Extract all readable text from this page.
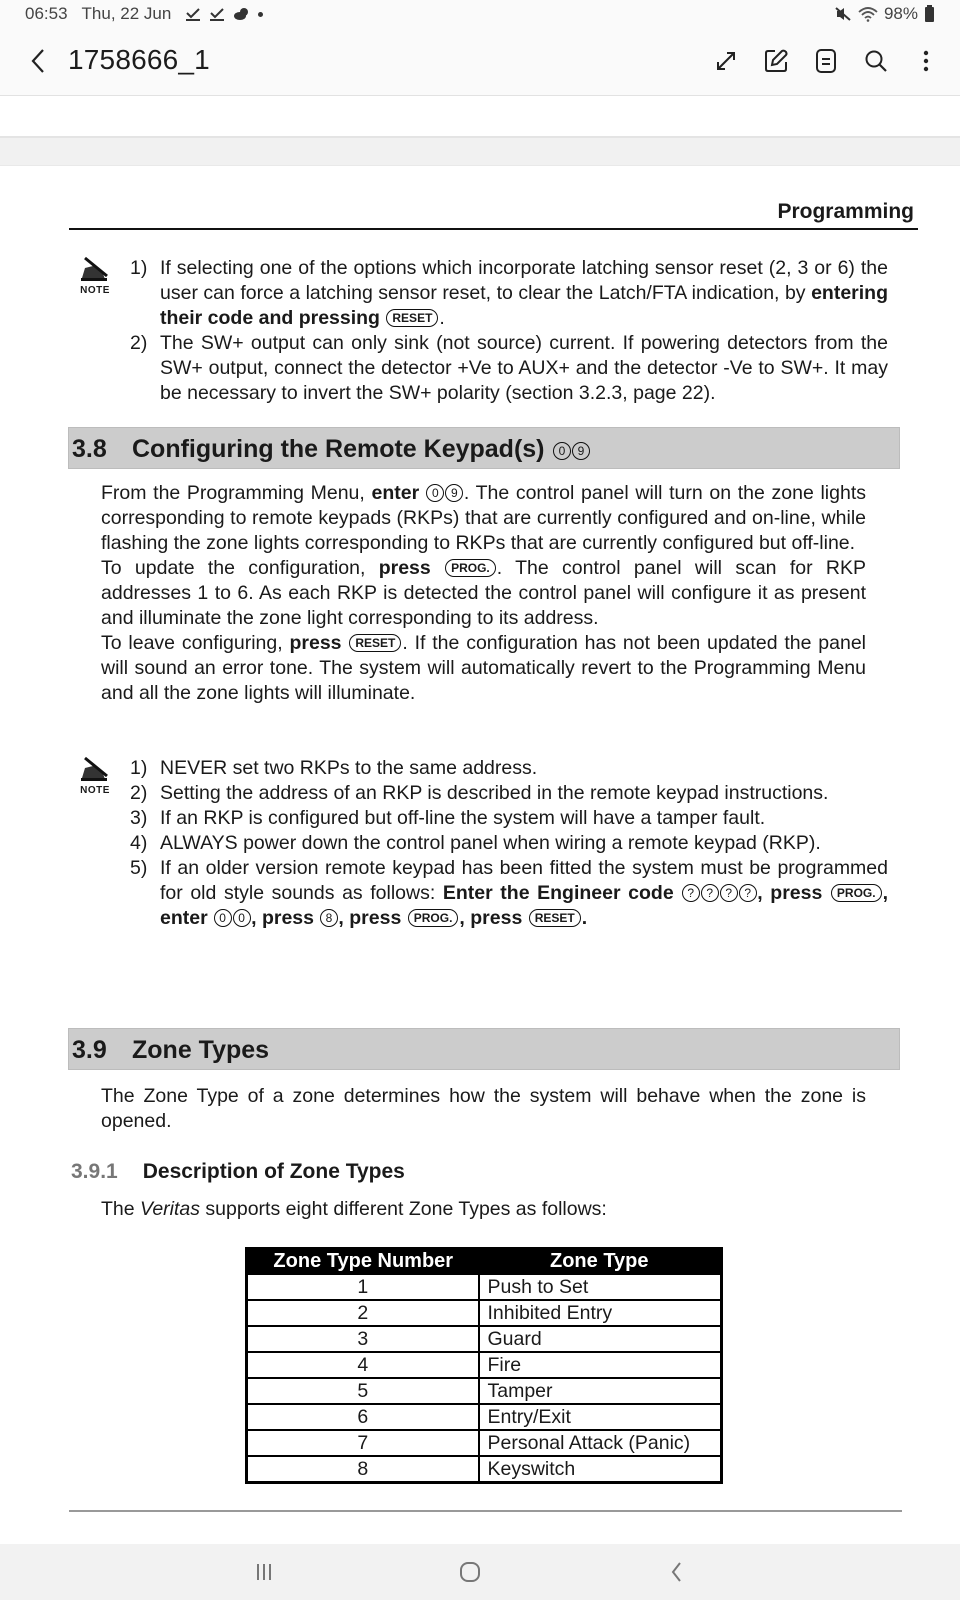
06:53 Thu, 22 Jun	98%
1758666_1
Programming
NOTE
1) If selecting one of the options which incorporate latching sensor reset (2, 3 or 6) the user can force a latching sensor reset, to clear the Latch/FTA indication, by entering their code and pressing RESET .
2) The SW+ output can only sink (not source) current. If powering detectors from the SW+ output, connect the detector +Ve to AUX+ and the detector -Ve to SW+. It may be necessary to invert the SW+ polarity (section 3.2.3, page 22).
3.8 Configuring the Remote Keypad(s) 0 9

From the Programming Menu, enter 0 9 . The control panel will turn on the zone lights corresponding to remote keypads (RKPs) that are currently configured and on-line, while flashing the zone lights corresponding to RKPs that are currently configured but off-line.

To update the configuration, press PROG. . The control panel will scan for RKP addresses 1 to 6. As each RKP is detected the control panel will configure it as present and illuminate the zone light corresponding to its address.

To leave configuring, press RESET . If the configuration has not been updated the panel will sound an error tone. The system will automatically revert to the Programming Menu and all the zone lights will illuminate.

NOTE
1) NEVER set two RKPs to the same address.
2) Setting the address of an RKP is described in the remote keypad instructions.
3) If an RKP is configured but off-line the system will have a tamper fault.
4) ALWAYS power down the control panel when wiring a remote keypad (RKP).
5) If an older version remote keypad has been fitted the system must be programmed for old style sounds as follows: Enter the Engineer code ? ? ? ? , press PROG. , enter 0 0 , press 8 , press PROG. , press RESET .
3.9 Zone Types

The Zone Type of a zone determines how the system will behave when the zone is opened.

3.9.1 Description of Zone Types

The Veritas supports eight different Zone Types as follows:

Zone Type Number	Zone Type
1	Push to Set
2	Inhibited Entry
3	Guard
4	Fire
5	Tamper
6	Entry/Exit
7	Personal Attack (Panic)
8	Keyswitch
